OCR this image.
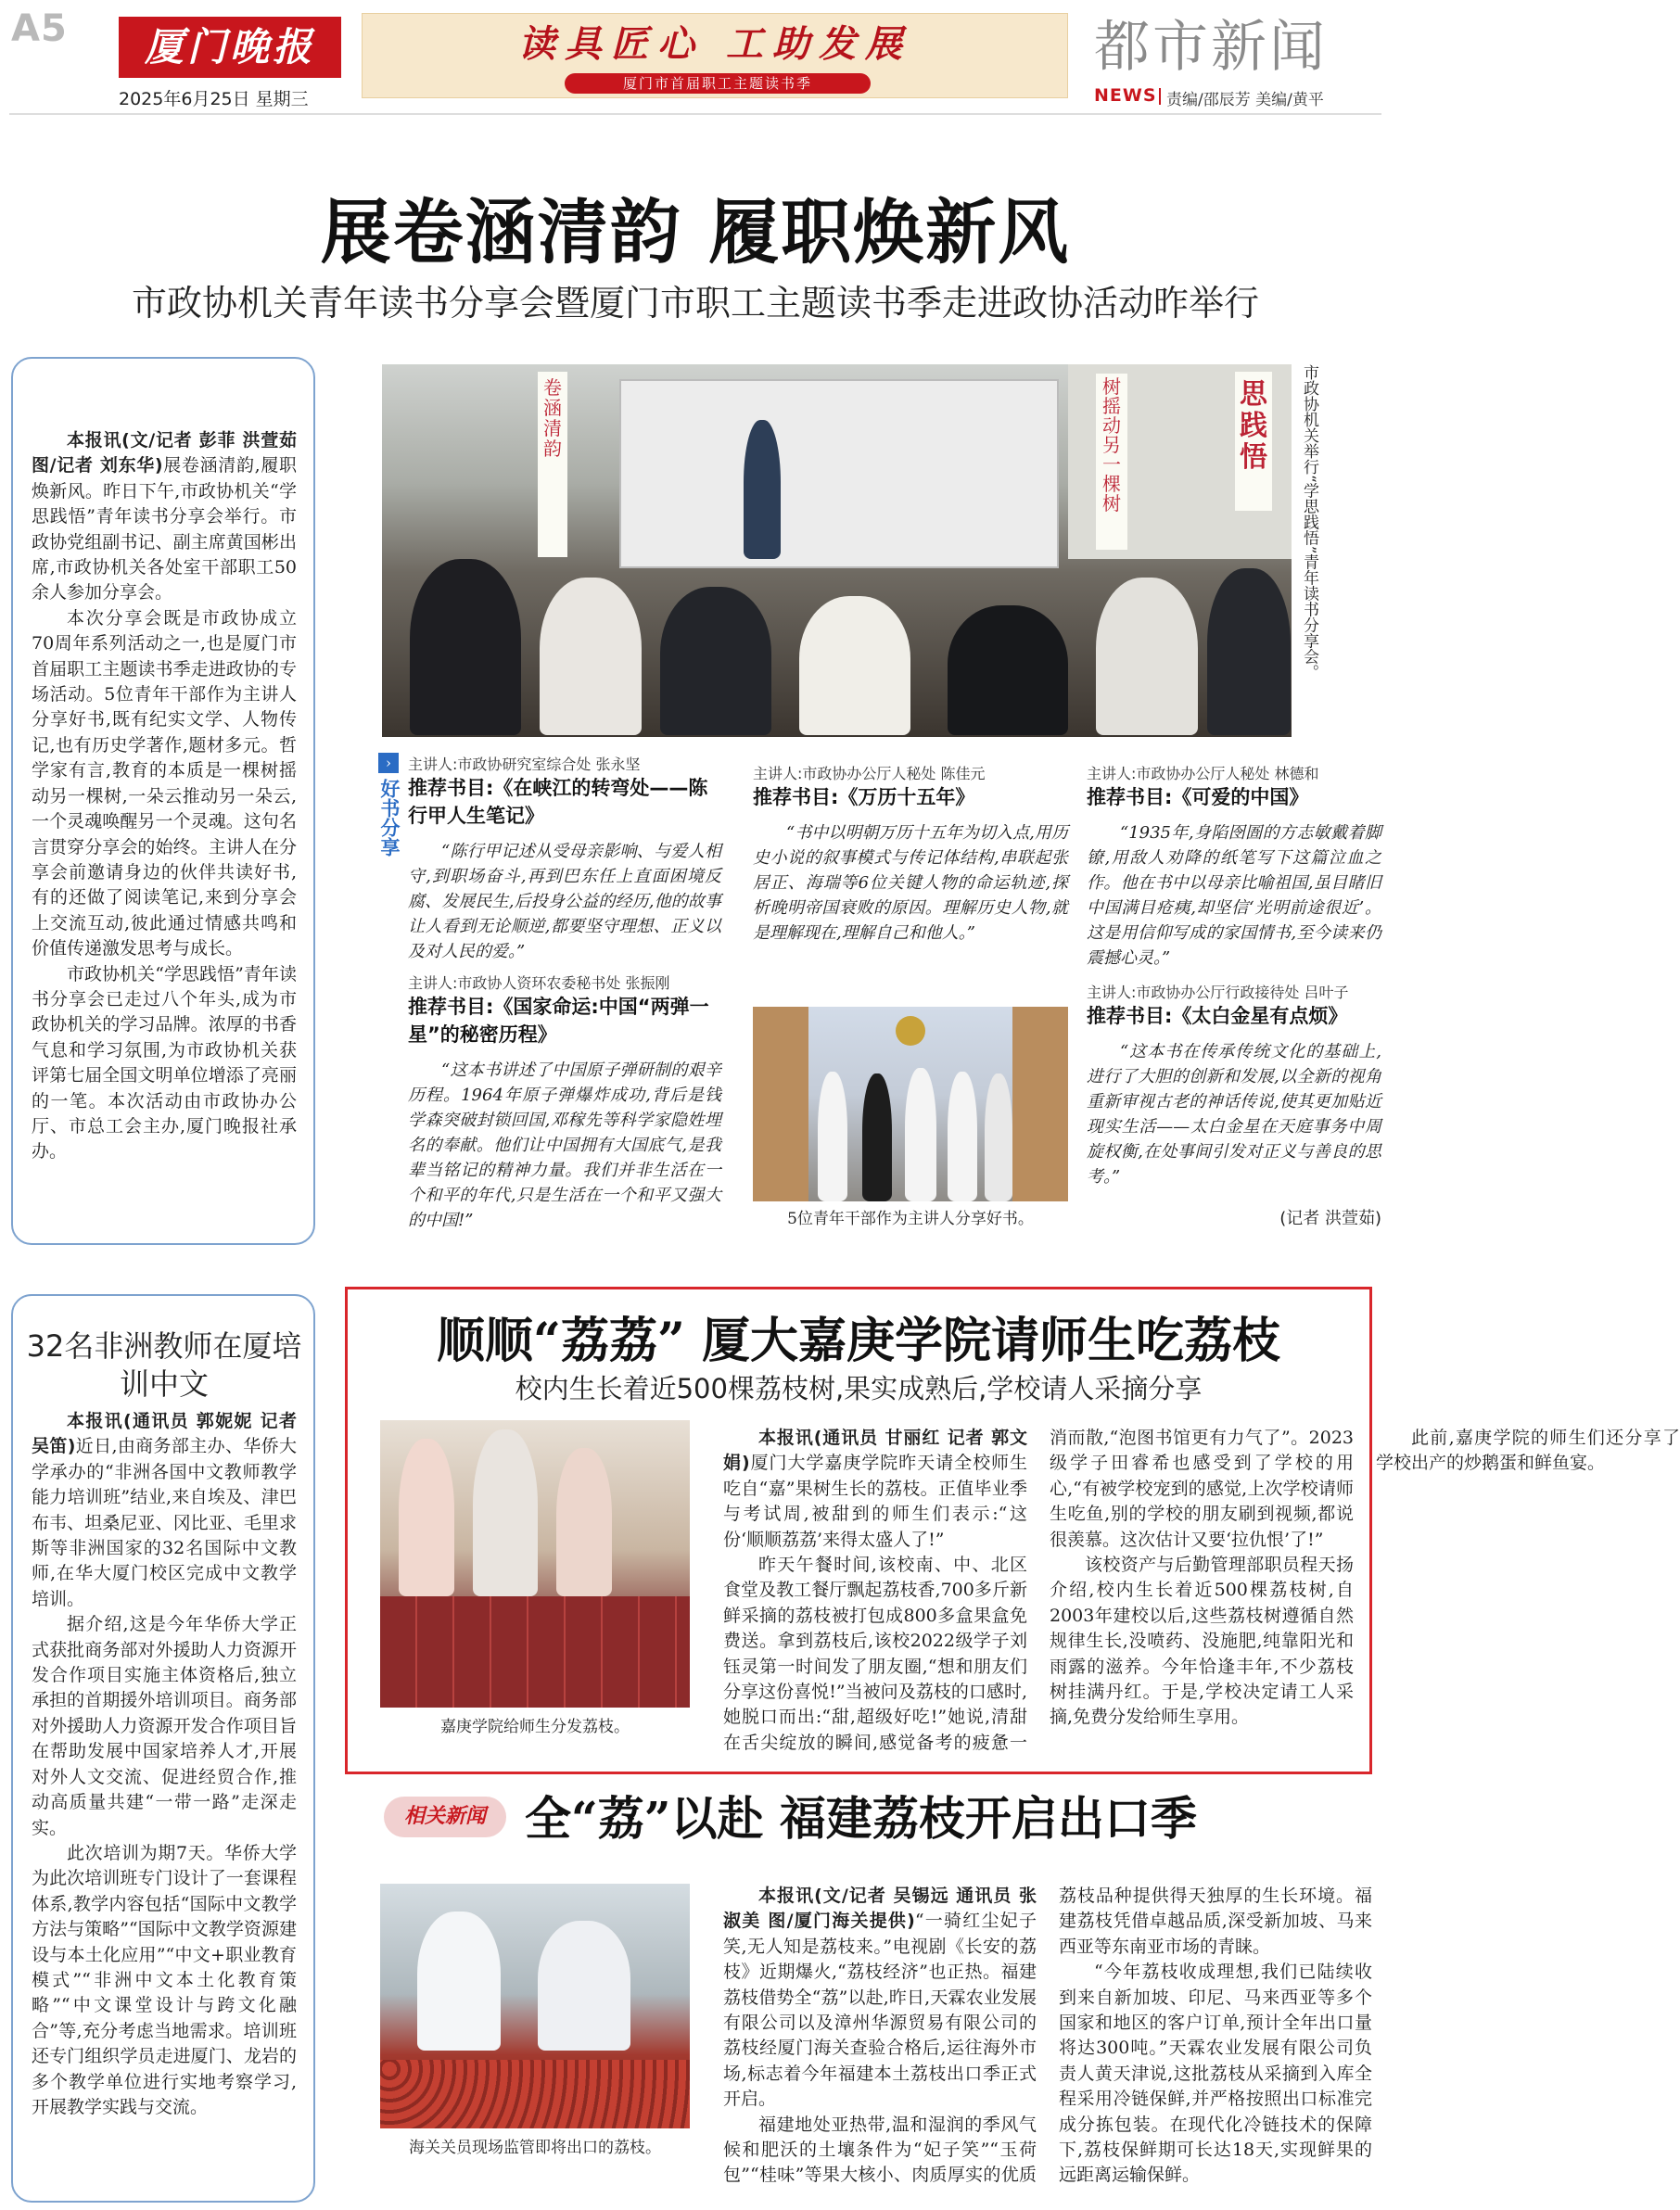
A5	厦门晚报
2025年6月25日 星期三
读具匠心 工助发展
厦门市首届职工主题读书季
都市新闻
NEWS 责编/邵辰芳 美编/黄平
展卷涵清韵 履职焕新风
市政协机关青年读书分享会暨厦门市职工主题读书季走进政协活动昨举行

本报讯(文/记者 彭菲 洪萱茹 图/记者 刘东华)展卷涵清韵,履职焕新风。昨日下午,市政协机关“学思践悟”青年读书分享会举行。市政协党组副书记、副主席黄国彬出席,市政协机关各处室干部职工50余人参加分享会。

本次分享会既是市政协成立70周年系列活动之一,也是厦门市首届职工主题读书季走进政协的专场活动。5位青年干部作为主讲人分享好书,既有纪实文学、人物传记,也有历史学著作,题材多元。哲学家有言,教育的本质是一棵树摇动另一棵树,一朵云推动另一朵云,一个灵魂唤醒另一个灵魂。这句名言贯穿分享会的始终。主讲人在分享会前邀请身边的伙伴共读好书,有的还做了阅读笔记,来到分享会上交流互动,彼此通过情感共鸣和价值传递激发思考与成长。

市政协机关“学思践悟”青年读书分享会已走过八个年头,成为市政协机关的学习品牌。浓厚的书香气息和学习氛围,为市政协机关获评第七届全国文明单位增添了亮丽的一笔。本次活动由市政协办公厅、市总工会主办,厦门晚报社承办。

卷涵清韵
树摇动另一棵树
思践悟 市政协机关举行“学思践悟”青年读书分享会。
›
好书分享
主讲人:市政协研究室综合处 张永坚
推荐书目:《在峡江的转弯处——陈行甲人生笔记》
“陈行甲记述从受母亲影响、与爱人相守,到职场奋斗,再到巴东任上直面困境反腐、发展民生,后投身公益的经历,他的故事让人看到无论顺逆,都要坚守理想、正义以及对人民的爱。”
主讲人:市政协人资环农委秘书处 张振刚
推荐书目:《国家命运:中国“两弹一星”的秘密历程》
“这本书讲述了中国原子弹研制的艰辛历程。1964年原子弹爆炸成功,背后是钱学森突破封锁回国,邓稼先等科学家隐姓埋名的奉献。他们让中国拥有大国底气,是我辈当铭记的精神力量。我们并非生活在一个和平的年代,只是生活在一个和平又强大的中国!”
主讲人:市政协办公厅人秘处 陈佳元
推荐书目:《万历十五年》
“书中以明朝万历十五年为切入点,用历史小说的叙事模式与传记体结构,串联起张居正、海瑞等6位关键人物的命运轨迹,探析晚明帝国衰败的原因。理解历史人物,就是理解现在,理解自己和他人。”
主讲人:市政协办公厅人秘处 林德和
推荐书目:《可爱的中国》
“1935年,身陷囹圄的方志敏戴着脚镣,用敌人劝降的纸笔写下这篇泣血之作。他在书中以母亲比喻祖国,虽目睹旧中国满目疮痍,却坚信‘光明前途很近’。这是用信仰写成的家国情书,至今读来仍震撼心灵。”
主讲人:市政协办公厅行政接待处 吕叶子
推荐书目:《太白金星有点烦》
“这本书在传承传统文化的基础上,进行了大胆的创新和发展,以全新的视角重新审视古老的神话传说,使其更加贴近现实生活——太白金星在天庭事务中周旋权衡,在处事间引发对正义与善良的思考。”
5位青年干部作为主讲人分享好书。	(记者 洪萱茹)
32名非洲教师在厦培训中文

本报讯(通讯员 郭妮妮 记者 吴笛)近日,由商务部主办、华侨大学承办的“非洲各国中文教师教学能力培训班”结业,来自埃及、津巴布韦、坦桑尼亚、冈比亚、毛里求斯等非洲国家的32名国际中文教师,在华大厦门校区完成中文教学培训。

据介绍,这是今年华侨大学正式获批商务部对外援助人力资源开发合作项目实施主体资格后,独立承担的首期援外培训项目。商务部对外援助人力资源开发合作项目旨在帮助发展中国家培养人才,开展对外人文交流、促进经贸合作,推动高质量共建“一带一路”走深走实。

此次培训为期7天。华侨大学为此次培训班专门设计了一套课程体系,教学内容包括“国际中文教学方法与策略”“国际中文教学资源建设与本土化应用”“中文+职业教育模式”“非洲中文本土化教育策略”“中文课堂设计与跨文化融合”等,充分考虑当地需求。培训班还专门组织学员走进厦门、龙岩的多个教学单位进行实地考察学习,开展教学实践与交流。

顺顺“荔荔” 厦大嘉庚学院请师生吃荔枝
校内生长着近500棵荔枝树,果实成熟后,学校请人采摘分享
嘉庚学院给师生分发荔枝。

本报讯(通讯员 甘丽红 记者 郭文娟)厦门大学嘉庚学院昨天请全校师生吃自“嘉”果树生长的荔枝。正值毕业季与考试周,被甜到的师生们表示:“这份‘顺顺荔荔’来得太盛人了!”

昨天午餐时间,该校南、中、北区食堂及教工餐厅飘起荔枝香,700多斤新鲜采摘的荔枝被打包成800多盒果盒免费送。拿到荔枝后,该校2022级学子刘钰灵第一时间发了朋友圈,“想和朋友们分享这份喜悦!”当被问及荔枝的口感时,她脱口而出:“甜,超级好吃!”她说,清甜在舌尖绽放的瞬间,感觉备考的疲惫一消而散,“泡图书馆更有力气了”。2023级学子田睿希也感受到了学校的用心,“有被学校宠到的感觉,上次学校请师生吃鱼,别的学校的朋友刷到视频,都说很羡慕。这次估计又要‘拉仇恨’了!”

该校资产与后勤管理部职员程天扬介绍,校内生长着近500棵荔枝树,自2003年建校以后,这些荔枝树遵循自然规律生长,没喷药、没施肥,纯靠阳光和雨露的滋养。今年恰逢丰年,不少荔枝树挂满丹红。于是,学校决定请工人采摘,免费分发给师生享用。

此前,嘉庚学院的师生们还分享了学校出产的炒鹅蛋和鲜鱼宴。

相关新闻 全“荔”以赴 福建荔枝开启出口季
海关关员现场监管即将出口的荔枝。

本报讯(文/记者 吴锡远 通讯员 张淑美 图/厦门海关提供)“一骑红尘妃子笑,无人知是荔枝来。”电视剧《长安的荔枝》近期爆火,“荔枝经济”也正热。福建荔枝借势全“荔”以赴,昨日,天霖农业发展有限公司以及漳州华源贸易有限公司的荔枝经厦门海关查验合格后,运往海外市场,标志着今年福建本土荔枝出口季正式开启。

福建地处亚热带,温和湿润的季风气候和肥沃的土壤条件为“妃子笑”“玉荷包”“桂味”等果大核小、肉质厚实的优质荔枝品种提供得天独厚的生长环境。福建荔枝凭借卓越品质,深受新加坡、马来西亚等东南亚市场的青睐。

“今年荔枝收成理想,我们已陆续收到来自新加坡、印尼、马来西亚等多个国家和地区的客户订单,预计全年出口量将达300吨。”天霖农业发展有限公司负责人黄天津说,这批荔枝从采摘到入库全程采用冷链保鲜,并严格按照出口标准完成分拣包装。在现代化冷链技术的保障下,荔枝保鲜期可长达18天,实现鲜果的远距离运输保鲜。
